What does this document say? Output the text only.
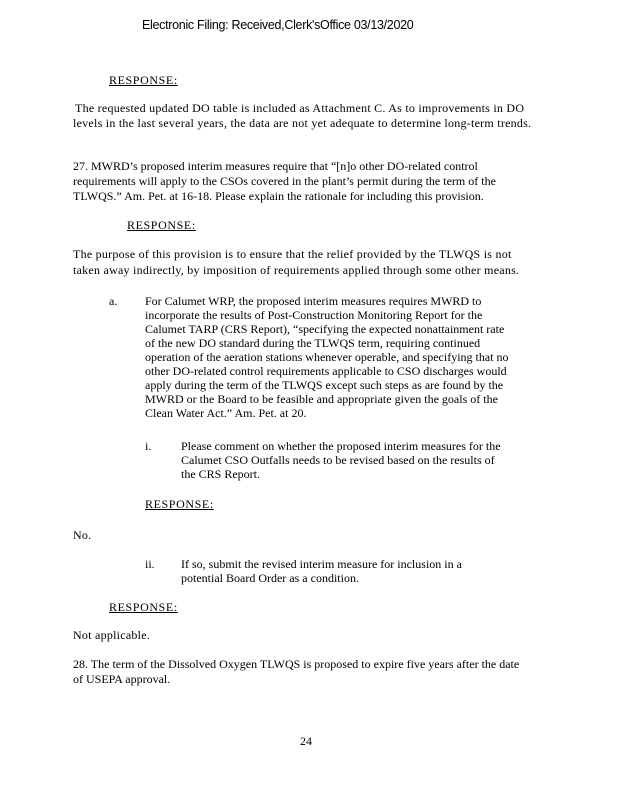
Electronic Filing: Received,Clerk'sOffice 03/13/2020
RESPONSE:
The requested updated DO table is included as Attachment C. As to improvements in DO
levels in the last several years, the data are not yet adequate to determine long-term trends.
27. MWRD’s proposed interim measures require that “[n]o other DO-related control
requirements will apply to the CSOs covered in the plant’s permit during the term of the
TLWQS.” Am. Pet. at 16-18. Please explain the rationale for including this provision.
RESPONSE:
The purpose of this provision is to ensure that the relief provided by the TLWQS is not
taken away indirectly, by imposition of requirements applied through some other means.
a. For Calumet WRP, the proposed interim measures requires MWRD to
incorporate the results of Post-Construction Monitoring Report for the
Calumet TARP (CRS Report), “specifying the expected nonattainment rate
of the new DO standard during the TLWQS term, requiring continued
operation of the aeration stations whenever operable, and specifying that no
other DO-related control requirements applicable to CSO discharges would
apply during the term of the TLWQS except such steps as are found by the
MWRD or the Board to be feasible and appropriate given the goals of the
Clean Water Act.” Am. Pet. at 20.
i. Please comment on whether the proposed interim measures for the
Calumet CSO Outfalls needs to be revised based on the results of
the CRS Report.
RESPONSE:
No.
ii. If so, submit the revised interim measure for inclusion in a
potential Board Order as a condition.
RESPONSE:
Not applicable.
28. The term of the Dissolved Oxygen TLWQS is proposed to expire five years after the date
of USEPA approval.
24
